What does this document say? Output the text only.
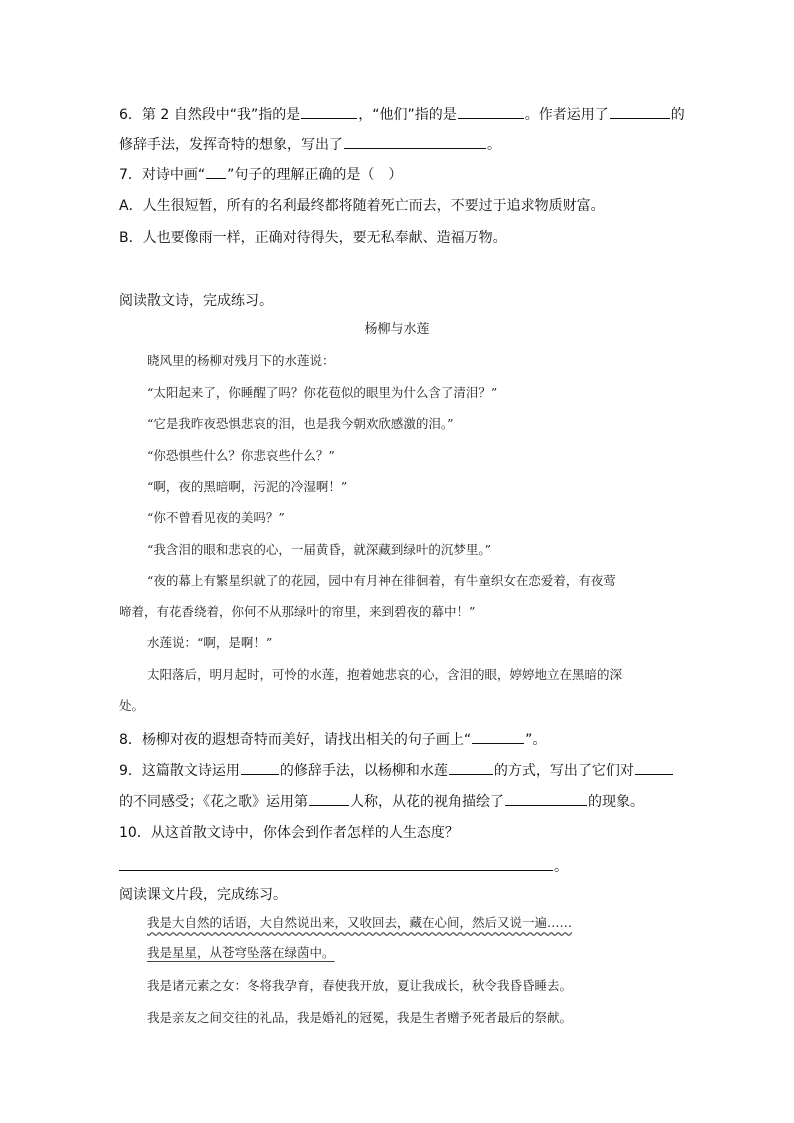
6．第 2 自然段中“我”指的是	，“他们”指的是	。作者运用了	的
修辞手法，发挥奇特的想象，写出了	。
7．对诗中画“ ”句子的理解正确的是（　）
A．人生很短暂，所有的名利最终都将随着死亡而去，不要过于追求物质财富。
B．人也要像雨一样，正确对待得失，要无私奉献、造福万物。
阅读散文诗，完成练习。
杨柳与水莲
晓风里的杨柳对残月下的水莲说：
“太阳起来了，你睡醒了吗？你花苞似的眼里为什么含了清泪？”
“它是我昨夜恐惧悲哀的泪，也是我今朝欢欣感激的泪。”
“你恐惧些什么？你悲哀些什么？”
“啊，夜的黑暗啊，污泥的冷湿啊！”
“你不曾看见夜的美吗？”
“我含泪的眼和悲哀的心，一届黄昏，就深藏到绿叶的沉梦里。”
“夜的幕上有繁星织就了的花园，园中有月神在徘徊着，有牛童织女在恋爱着，有夜莺
啼着，有花香绕着，你何不从那绿叶的帘里，来到碧夜的幕中！”
水莲说：“啊，是啊！”
太阳落后，明月起时，可怜的水莲，抱着她悲哀的心，含泪的眼，婷婷地立在黑暗的深
处。
8．杨柳对夜的遐想奇特而美好，请找出相关的句子画上“	”。
9．这篇散文诗运用	的修辞手法，以杨柳和水莲	的方式，写出了它们对
的不同感受；《花之歌》运用第	人称，从花的视角描绘了	的现象。
10．从这首散文诗中，你体会到作者怎样的人生态度？
。
阅读课文片段，完成练习。
我是大自然的话语，大自然说出来，又收回去，藏在心间，然后又说一遍……
我是星星，从苍穹坠落在绿茵中。
我是诸元素之女：冬将我孕育，春使我开放，夏让我成长，秋令我昏昏睡去。
我是亲友之间交往的礼品，我是婚礼的冠冕，我是生者赠予死者最后的祭献。
